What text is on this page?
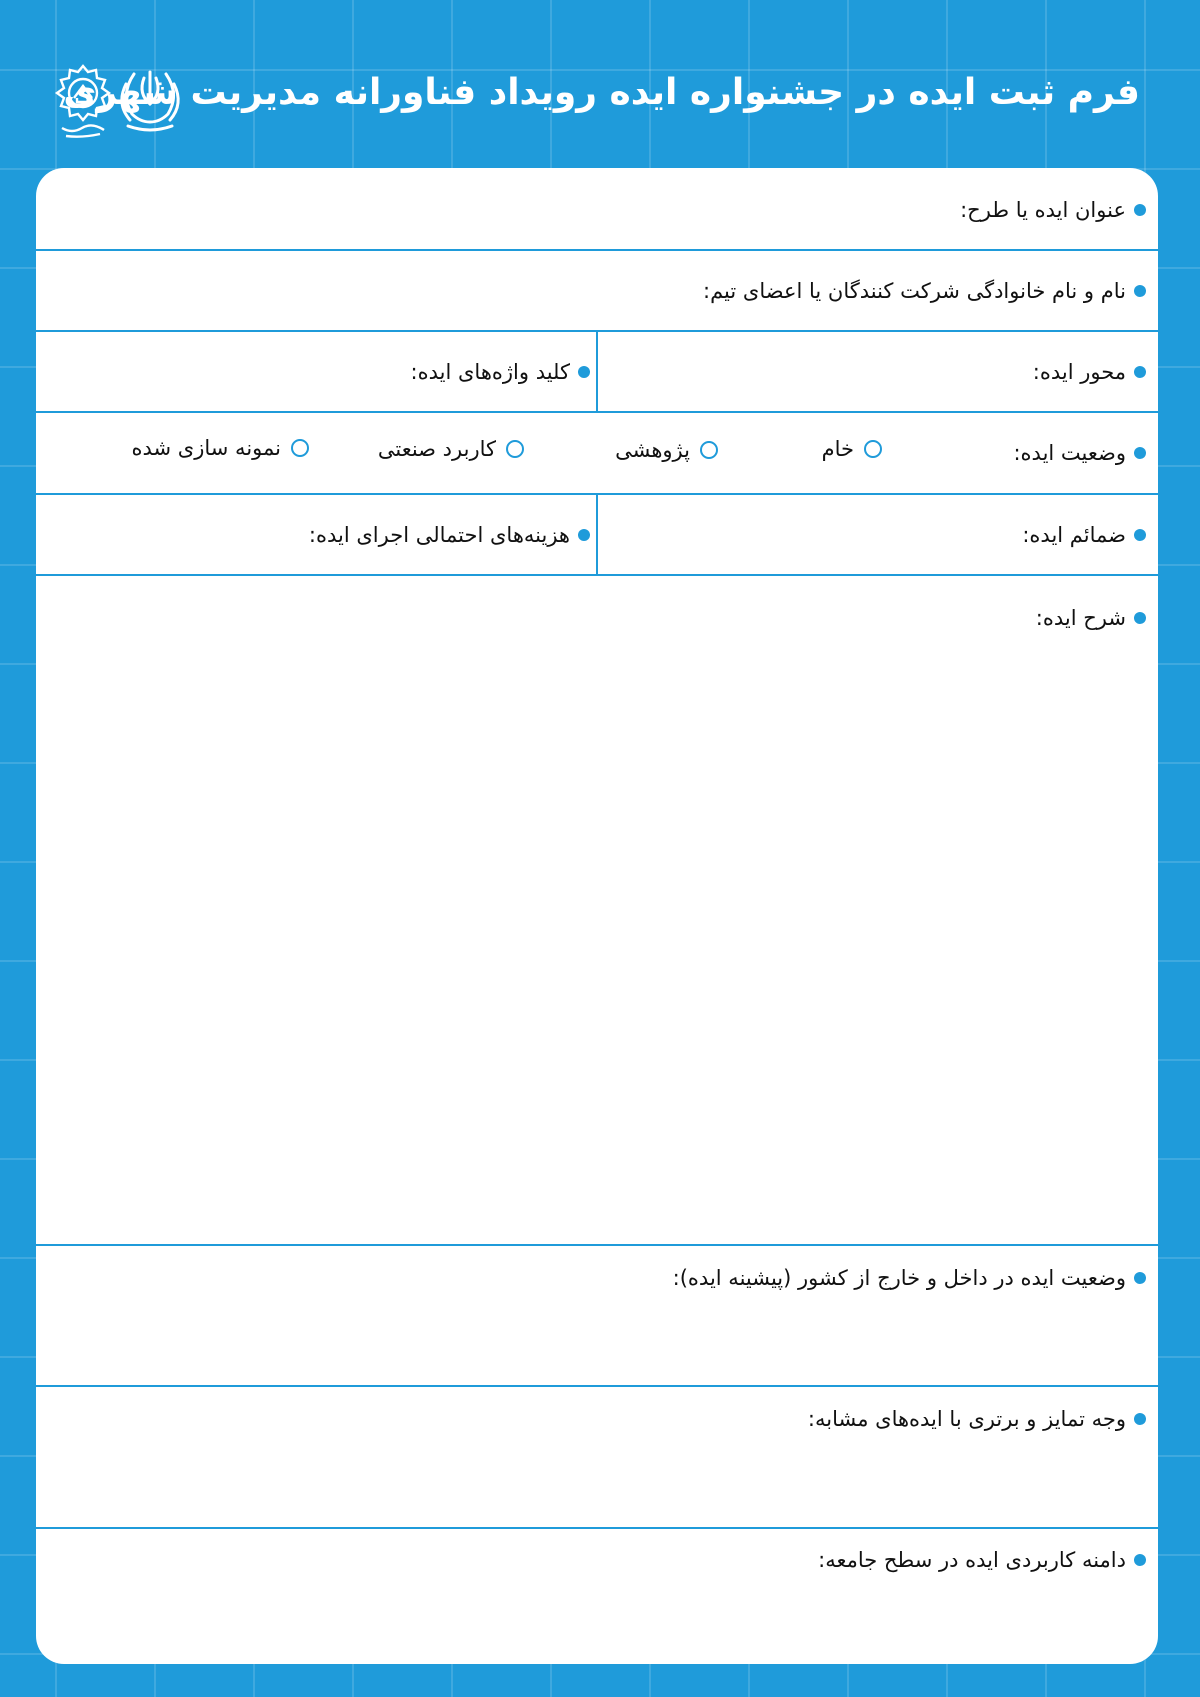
فرم ثبت ایده در جشنواره ایده رویداد فناورانه مدیریت شهری
عنوان ایده یا طرح:
نام و نام خانوادگی شرکت کنندگان یا اعضای تیم:
محور ایده:
کلید واژه‌های ایده:
وضعیت ایده:
خام
پژوهشی
کاربرد صنعتی
نمونه سازی شده
ضمائم ایده:
هزینه‌های احتمالی اجرای ایده:
شرح ایده:
وضعیت ایده در داخل و خارج از کشور (پیشینه ایده):
وجه تمایز و برتری با ایده‌های مشابه:
دامنه کاربردی ایده در سطح جامعه:
